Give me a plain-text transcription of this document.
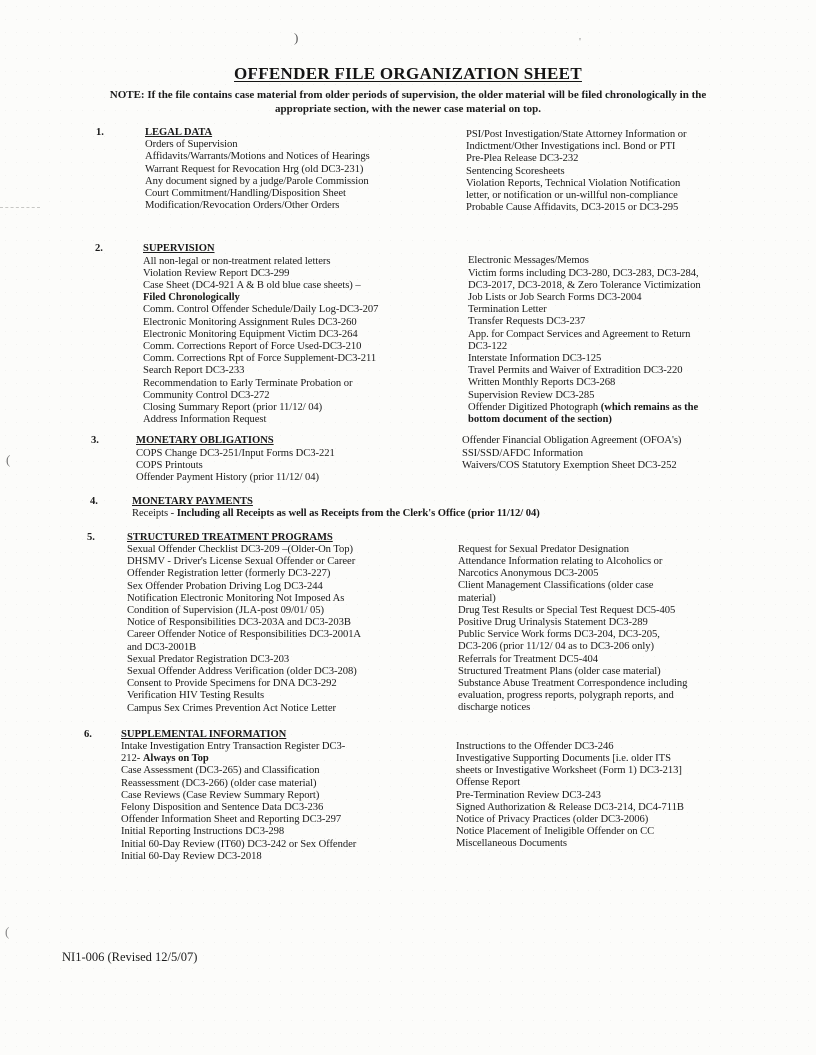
OFFENDER FILE ORGANIZATION SHEET
NOTE: If the file contains case material from older periods of supervision, the older material will be filed chronologically in the
appropriate section, with the newer case material on top.
1.	LEGAL DATA
Orders of Supervision
Affidavits/Warrants/Motions and Notices of Hearings
Warrant Request for Revocation Hrg (old DC3-231)
Any document signed by a judge/Parole Commission
Court Commitment/Handling/Disposition Sheet
Modification/Revocation Orders/Other Orders
PSI/Post Investigation/State Attorney Information or
Indictment/Other Investigations incl. Bond or PTI
Pre-Plea Release DC3-232
Sentencing Scoresheets
Violation Reports, Technical Violation Notification
letter, or notification or un-willful non-compliance
Probable Cause Affidavits, DC3-2015 or DC3-295
2.	SUPERVISION
All non-legal or non-treatment related letters
Violation Review Report DC3-299
Case Sheet (DC4-921 A & B old blue case sheets) –
Filed Chronologically
Comm. Control Offender Schedule/Daily Log-DC3-207
Electronic Monitoring Assignment Rules DC3-260
Electronic Monitoring Equipment Victim DC3-264
Comm. Corrections Report of Force Used-DC3-210
Comm. Corrections Rpt of Force Supplement-DC3-211
Search Report DC3-233
Recommendation to Early Terminate Probation or
Community Control DC3-272
Closing Summary Report (prior 11/12/ 04)
Address Information Request
Electronic Messages/Memos
Victim forms including DC3-280, DC3-283, DC3-284,
DC3-2017, DC3-2018, & Zero Tolerance Victimization
Job Lists or Job Search Forms DC3-2004
Termination Letter
Transfer Requests DC3-237
App. for Compact Services and Agreement to Return
DC3-122
Interstate Information DC3-125
Travel Permits and Waiver of Extradition DC3-220
Written Monthly Reports DC3-268
Supervision Review DC3-285
Offender Digitized Photograph (which remains as the
bottom document of the section)
3.	MONETARY OBLIGATIONS
COPS Change DC3-251/Input Forms DC3-221
COPS Printouts
Offender Payment History (prior 11/12/ 04)
Offender Financial Obligation Agreement (OFOA's)
SSI/SSD/AFDC Information
Waivers/COS Statutory Exemption Sheet DC3-252
4.	MONETARY PAYMENTS
Receipts - Including all Receipts as well as Receipts from the Clerk's Office (prior 11/12/ 04)
5.	STRUCTURED TREATMENT PROGRAMS
Sexual Offender Checklist DC3-209 –(Older-On Top)
DHSMV - Driver's License Sexual Offender or Career
Offender Registration letter (formerly DC3-227)
Sex Offender Probation Driving Log DC3-244
Notification Electronic Monitoring Not Imposed As
Condition of Supervision (JLA-post 09/01/ 05)
Notice of Responsibilities DC3-203A and DC3-203B
Career Offender Notice of Responsibilities DC3-2001A
and DC3-2001B
Sexual Predator Registration DC3-203
Sexual Offender Address Verification (older DC3-208)
Consent to Provide Specimens for DNA DC3-292
Verification HIV Testing Results
Campus Sex Crimes Prevention Act Notice Letter
Request for Sexual Predator Designation
Attendance Information relating to Alcoholics or
Narcotics Anonymous DC3-2005
Client Management Classifications (older case
material)
Drug Test Results or Special Test Request DC5-405
Positive Drug Urinalysis Statement DC3-289
Public Service Work forms DC3-204, DC3-205,
DC3-206 (prior 11/12/ 04 as to DC3-206 only)
Referrals for Treatment DC5-404
Structured Treatment Plans (older case material)
Substance Abuse Treatment Correspondence including
evaluation, progress reports, polygraph reports, and
discharge notices
6.	SUPPLEMENTAL INFORMATION
Intake Investigation Entry Transaction Register DC3-
212- Always on Top
Case Assessment (DC3-265) and Classification
Reassessment (DC3-266) (older case material)
Case Reviews (Case Review Summary Report)
Felony Disposition and Sentence Data DC3-236
Offender Information Sheet and Reporting DC3-297
Initial Reporting Instructions DC3-298
Initial 60-Day Review (IT60) DC3-242 or Sex Offender
Initial 60-Day Review DC3-2018
Instructions to the Offender DC3-246
Investigative Supporting Documents [i.e. older ITS
sheets or Investigative Worksheet (Form 1) DC3-213]
Offense Report
Pre-Termination Review DC3-243
Signed Authorization & Release DC3-214, DC4-711B
Notice of Privacy Practices (older DC3-2006)
Notice Placement of Ineligible Offender on CC
Miscellaneous Documents
NI1-006 (Revised 12/5/07)
)	'
(
(
